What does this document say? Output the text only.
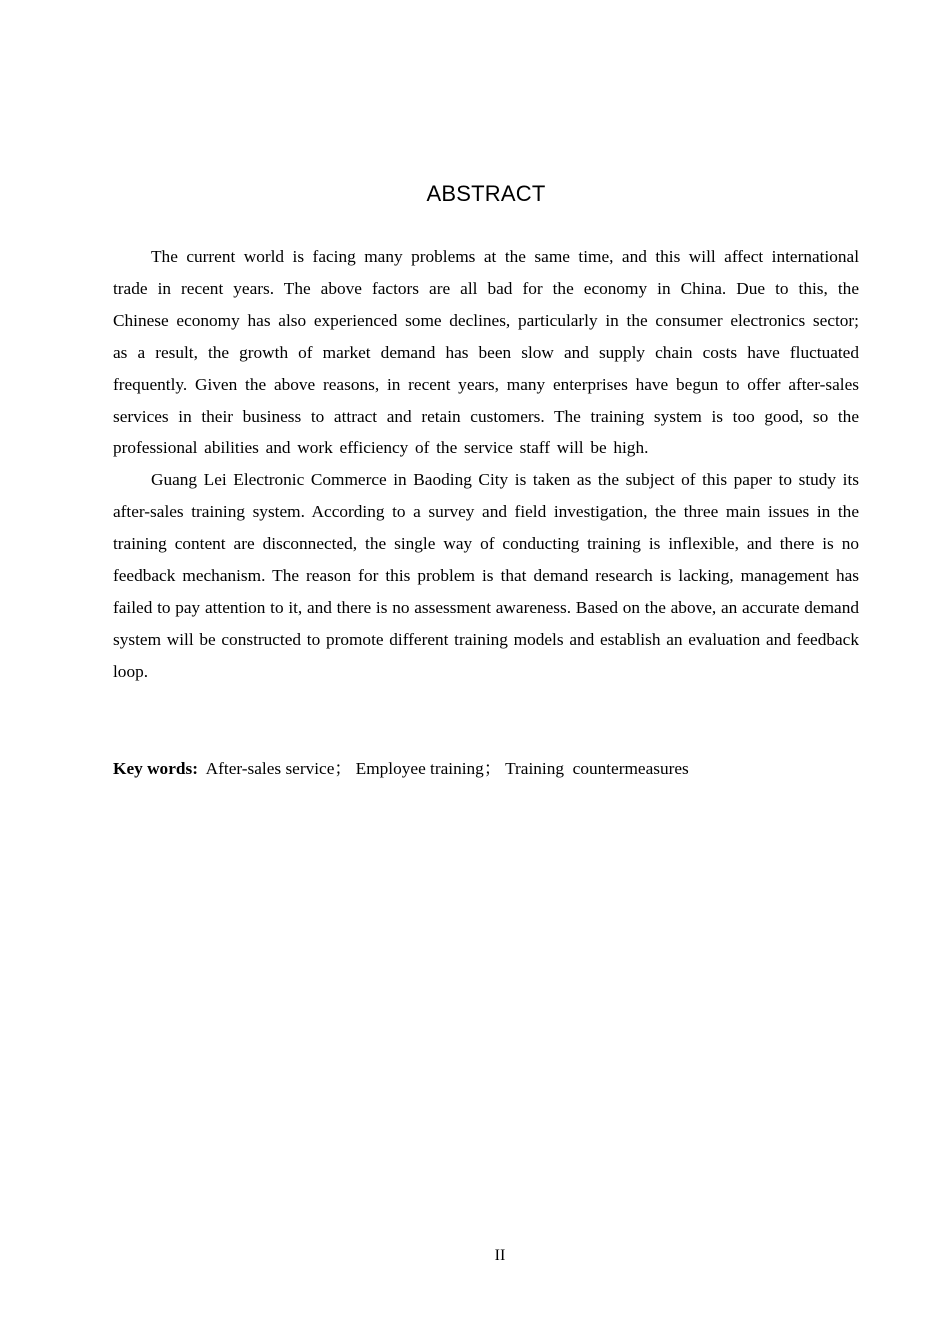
ABSTRACT

The current world is facing many problems at the same time, and this will affect international trade in recent years. The above factors are all bad for the economy in China. Due to this, the Chinese economy has also experienced some declines, particularly in the consumer electronics sector; as a result, the growth of market demand has been slow and supply chain costs have fluctuated frequently. Given the above reasons, in recent years, many enterprises have begun to offer after-sales services in their business to attract and retain customers. The training system is too good, so the professional abilities and work efficiency of the service staff will be high.

Guang Lei Electronic Commerce in Baoding City is taken as the subject of this paper to study its after-sales training system. According to a survey and field investigation, the three main issues in the training content are disconnected, the single way of conducting training is inflexible, and there is no feedback mechanism. The reason for this problem is that demand research is lacking, management has failed to pay attention to it, and there is no assessment awareness. Based on the above, an accurate demand system will be constructed to promote different training models and establish an evaluation and feedback loop.

Key words: After-sales service； Employee training； Training  countermeasures
II
